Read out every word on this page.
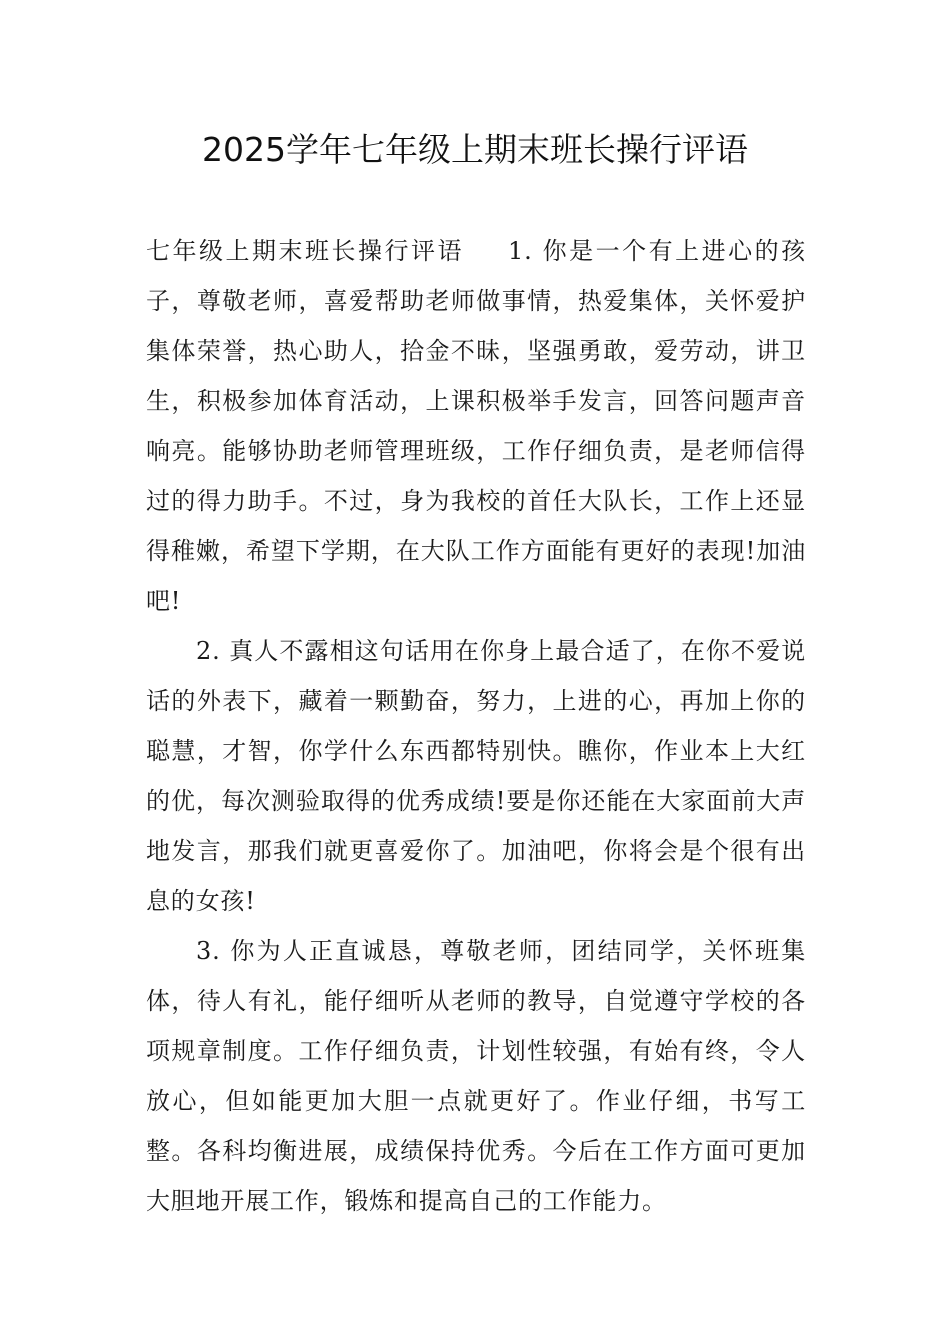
2025学年七年级上期末班长操行评语

七年级上期末班长操行评语 1. 你是一个有上进心的孩子，尊敬老师，喜爱帮助老师做事情，热爱集体，关怀爱护集体荣誉，热心助人，拾金不昧，坚强勇敢，爱劳动，讲卫生，积极参加体育活动，上课积极举手发言，回答问题声音响亮。能够协助老师管理班级，工作仔细负责，是老师信得过的得力助手。不过，身为我校的首任大队长，工作上还显得稚嫩，希望下学期，在大队工作方面能有更好的表现!加油吧!

2. 真人不露相这句话用在你身上最合适了，在你不爱说话的外表下，藏着一颗勤奋，努力，上进的心，再加上你的聪慧，才智，你学什么东西都特别快。瞧你，作业本上大红的优，每次测验取得的优秀成绩!要是你还能在大家面前大声地发言，那我们就更喜爱你了。加油吧，你将会是个很有出息的女孩!

3. 你为人正直诚恳，尊敬老师，团结同学，关怀班集体，待人有礼，能仔细听从老师的教导，自觉遵守学校的各项规章制度。工作仔细负责，计划性较强，有始有终，令人放心，但如能更加大胆一点就更好了。作业仔细，书写工整。各科均衡进展，成绩保持优秀。今后在工作方面可更加大胆地开展工作，锻炼和提高自己的工作能力。
